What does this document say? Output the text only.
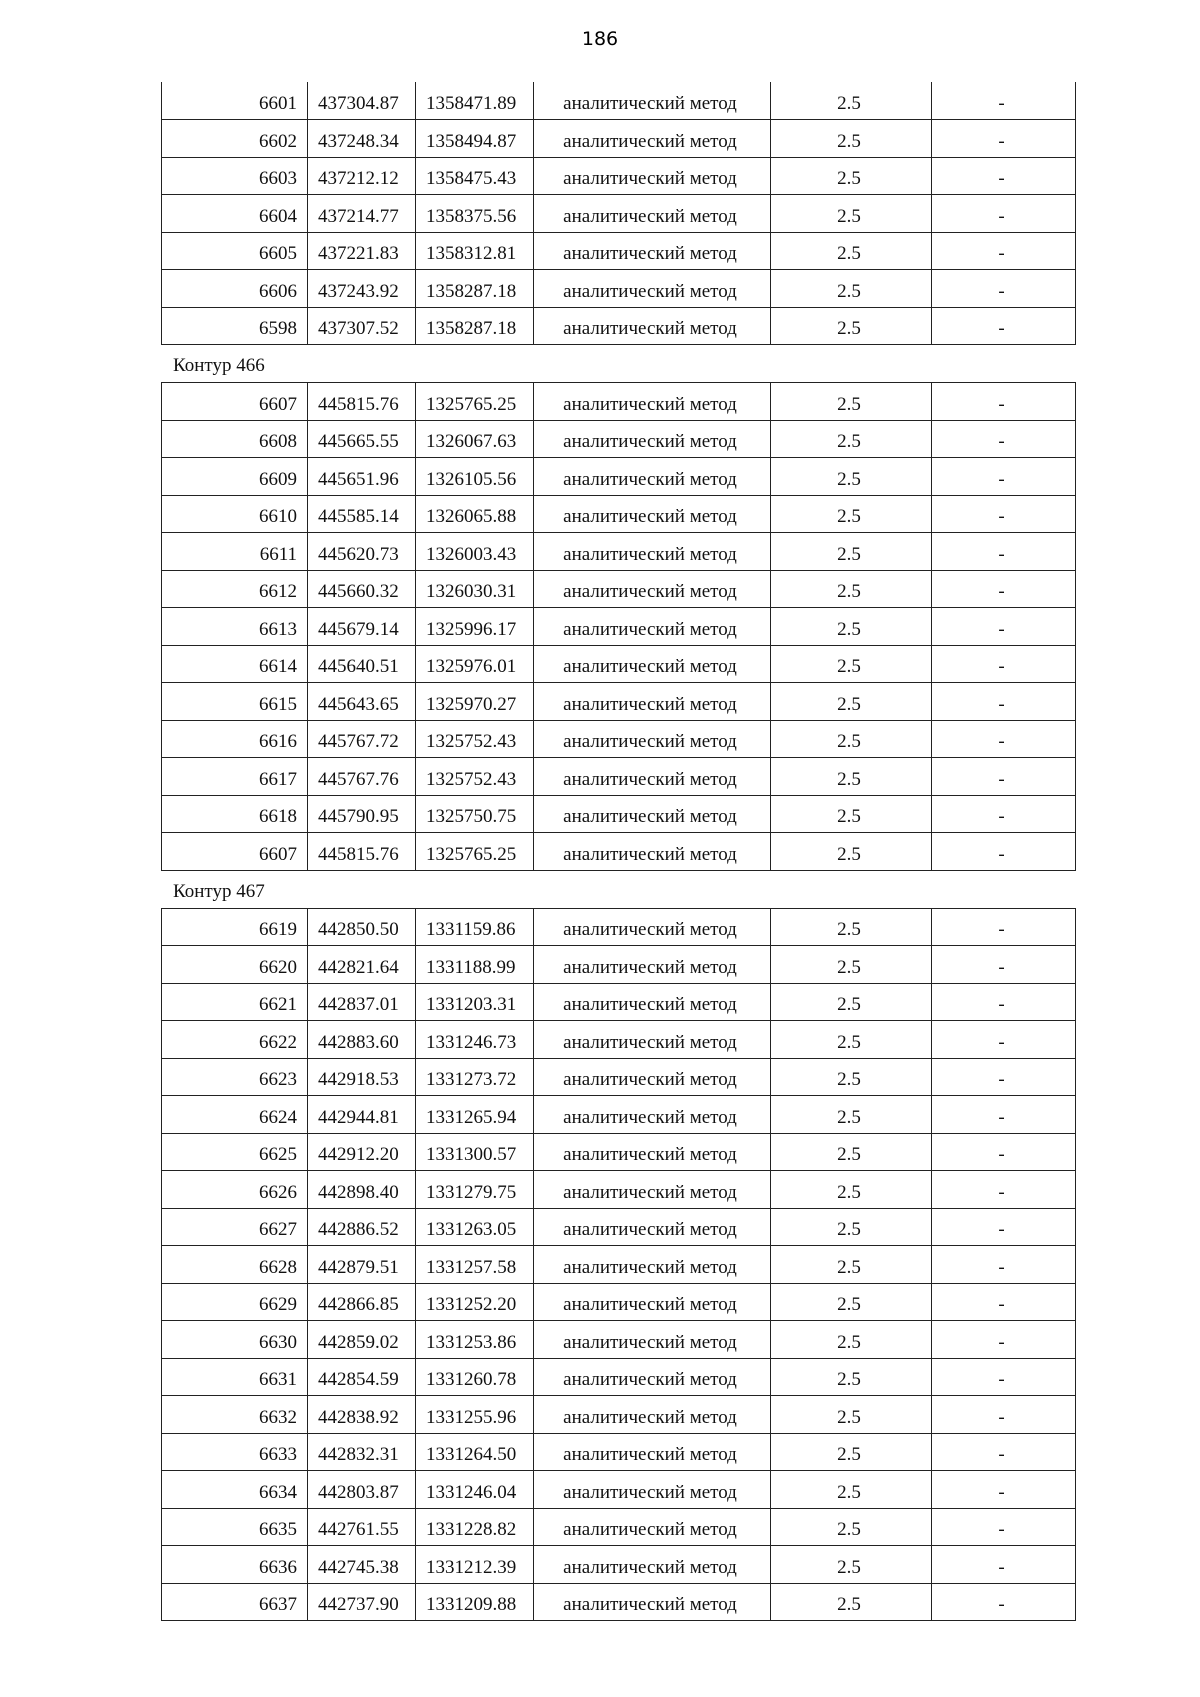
186
6601	437304.87	1358471.89	аналитический метод	2.5	-
6602	437248.34	1358494.87	аналитический метод	2.5	-
6603	437212.12	1358475.43	аналитический метод	2.5	-
6604	437214.77	1358375.56	аналитический метод	2.5	-
6605	437221.83	1358312.81	аналитический метод	2.5	-
6606	437243.92	1358287.18	аналитический метод	2.5	-
6598	437307.52	1358287.18	аналитический метод	2.5	-
Контур 466
6607	445815.76	1325765.25	аналитический метод	2.5	-
6608	445665.55	1326067.63	аналитический метод	2.5	-
6609	445651.96	1326105.56	аналитический метод	2.5	-
6610	445585.14	1326065.88	аналитический метод	2.5	-
6611	445620.73	1326003.43	аналитический метод	2.5	-
6612	445660.32	1326030.31	аналитический метод	2.5	-
6613	445679.14	1325996.17	аналитический метод	2.5	-
6614	445640.51	1325976.01	аналитический метод	2.5	-
6615	445643.65	1325970.27	аналитический метод	2.5	-
6616	445767.72	1325752.43	аналитический метод	2.5	-
6617	445767.76	1325752.43	аналитический метод	2.5	-
6618	445790.95	1325750.75	аналитический метод	2.5	-
6607	445815.76	1325765.25	аналитический метод	2.5	-
Контур 467
6619	442850.50	1331159.86	аналитический метод	2.5	-
6620	442821.64	1331188.99	аналитический метод	2.5	-
6621	442837.01	1331203.31	аналитический метод	2.5	-
6622	442883.60	1331246.73	аналитический метод	2.5	-
6623	442918.53	1331273.72	аналитический метод	2.5	-
6624	442944.81	1331265.94	аналитический метод	2.5	-
6625	442912.20	1331300.57	аналитический метод	2.5	-
6626	442898.40	1331279.75	аналитический метод	2.5	-
6627	442886.52	1331263.05	аналитический метод	2.5	-
6628	442879.51	1331257.58	аналитический метод	2.5	-
6629	442866.85	1331252.20	аналитический метод	2.5	-
6630	442859.02	1331253.86	аналитический метод	2.5	-
6631	442854.59	1331260.78	аналитический метод	2.5	-
6632	442838.92	1331255.96	аналитический метод	2.5	-
6633	442832.31	1331264.50	аналитический метод	2.5	-
6634	442803.87	1331246.04	аналитический метод	2.5	-
6635	442761.55	1331228.82	аналитический метод	2.5	-
6636	442745.38	1331212.39	аналитический метод	2.5	-
6637	442737.90	1331209.88	аналитический метод	2.5	-
